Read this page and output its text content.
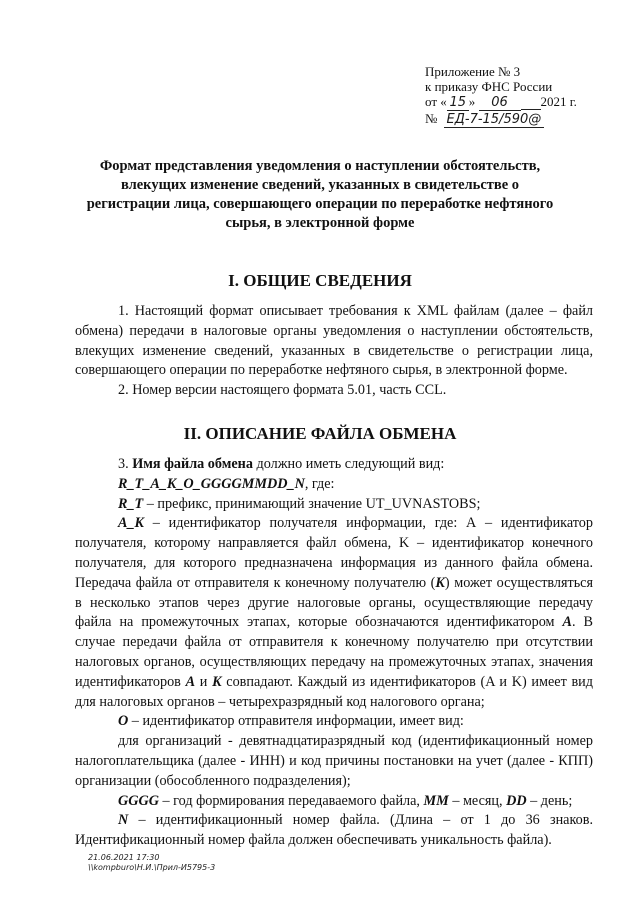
Приложение № 3
к приказу ФНС России
от « 15 » 06	2021 г.
№ ЕД-7-15/590@
Формат представления уведомления о наступлении обстоятельств, влекущих изменение сведений, указанных в свидетельстве о регистрации лица, совершающего операции по переработке нефтяного сырья, в электронной форме
I. ОБЩИЕ СВЕДЕНИЯ

1. Настоящий формат описывает требования к XML файлам (далее – файл обмена) передачи в налоговые органы уведомления о наступлении обстоятельств, влекущих изменение сведений, указанных в свидетельстве о регистрации лица, совершающего операции по переработке нефтяного сырья, в электронной форме.

2. Номер версии настоящего формата 5.01, часть CCL.

II. ОПИСАНИЕ ФАЙЛА ОБМЕНА

3. Имя файла обмена должно иметь следующий вид:

R_T_A_K_O_GGGGMMDD_N, где:

R_T – префикс, принимающий значение UT_UVNASTOBS;

A_K – идентификатор получателя информации, где: А – идентификатор получателя, которому направляется файл обмена, K – идентификатор конечного получателя, для которого предназначена информация из данного файла обмена. Передача файла от отправителя к конечному получателю (K) может осуществляться в несколько этапов через другие налоговые органы, осуществляющие передачу файла на промежуточных этапах, которые обозначаются идентификатором A. В случае передачи файла от отправителя к конечному получателю при отсутствии налоговых органов, осуществляющих передачу на промежуточных этапах, значения идентификаторов A и K совпадают. Каждый из идентификаторов (A и K) имеет вид для налоговых органов – четырехразрядный код налогового органа;

O – идентификатор отправителя информации, имеет вид:

для организаций - девятнадцатиразрядный код (идентификационный номер налогоплательщика (далее - ИНН) и код причины постановки на учет (далее - КПП) организации (обособленного подразделения);

GGGG – год формирования передаваемого файла, MM – месяц, DD – день;

N – идентификационный номер файла. (Длина – от 1 до 36 знаков. Идентификационный номер файла должен обеспечивать уникальность файла).

21.06.2021 17:30
\\kompburo\Н.И.\Прил-И5795-3
